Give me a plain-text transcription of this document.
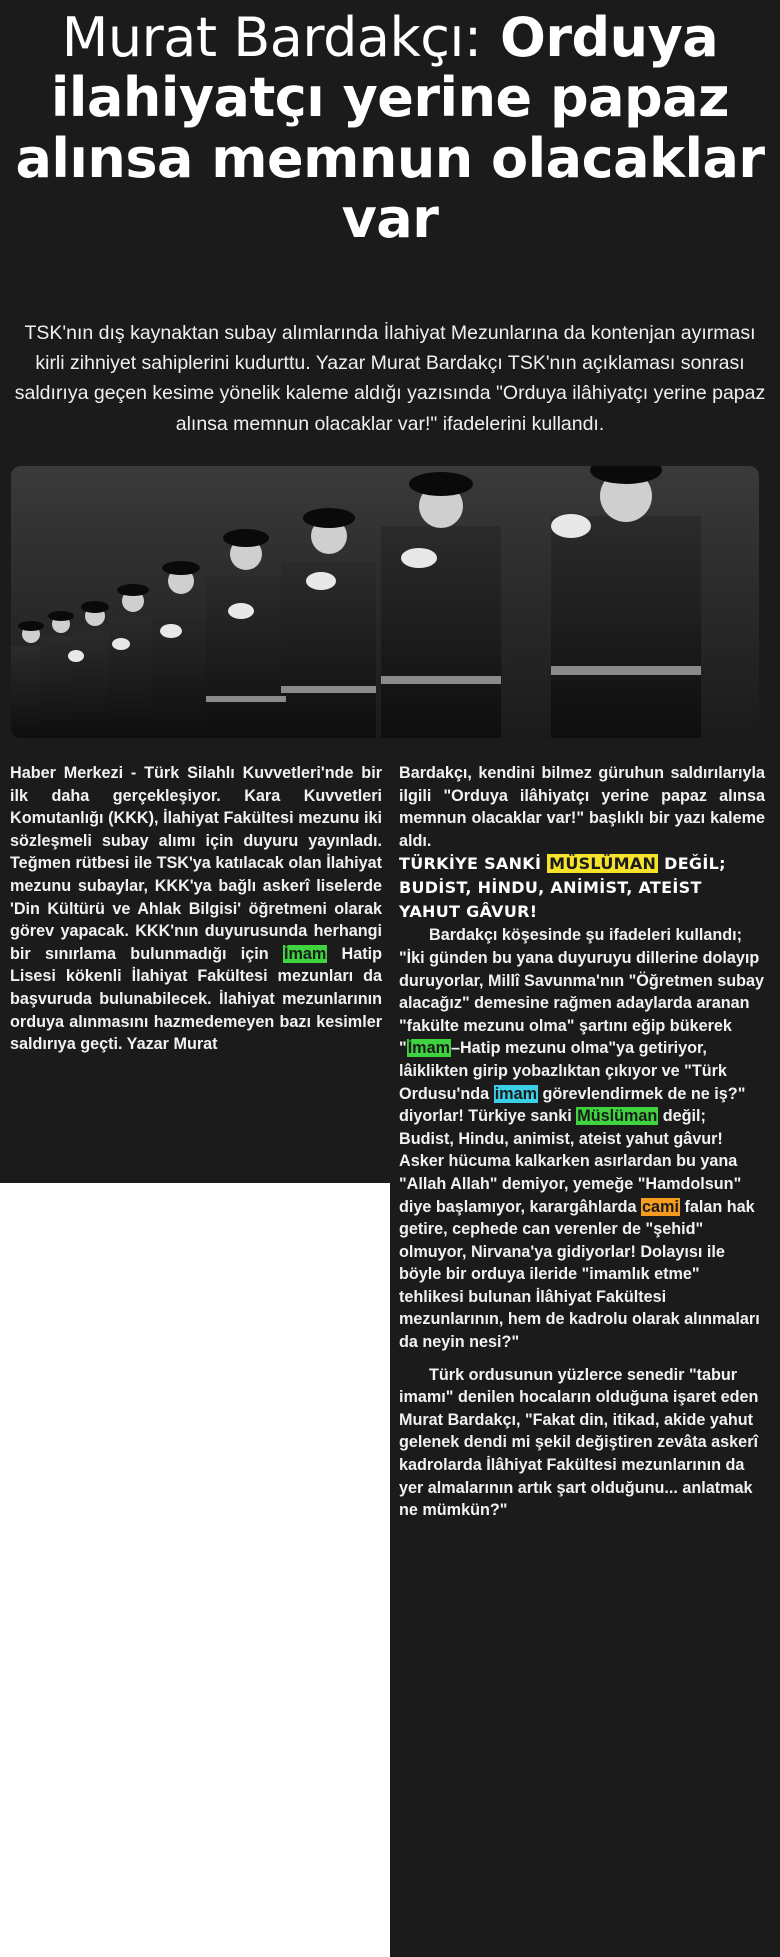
Murat Bardakçı: Orduya ilahiyatçı yerine papaz alınsa memnun olacaklar var

TSK'nın dış kaynaktan subay alımlarında İlahiyat Mezunlarına da kontenjan ayırması kirli zihniyet sahiplerini kudurttu. Yazar Murat Bardakçı TSK'nın açıklaması sonrası saldırıya geçen kesime yönelik kaleme aldığı yazısında "Orduya ilâhiyatçı yerine papaz alınsa memnun olacaklar var!" ifadelerini kullandı.

Haber Merkezi - Türk Silahlı Kuvvetleri'nde bir ilk daha gerçekleşiyor. Kara Kuvvetleri Komutanlığı (KKK), İlahiyat Fakültesi mezunu iki sözleşmeli subay alımı için duyuru yayınladı. Teğmen rütbesi ile TSK'ya katılacak olan İlahiyat mezunu subaylar, KKK'ya bağlı askerî liselerde 'Din Kültürü ve Ahlak Bilgisi' öğretmeni olarak görev yapacak. KKK'nın duyurusunda herhangi bir sınırlama bulunmadığı için İmam Hatip Lisesi kökenli İlahiyat Fakültesi mezunları da başvuruda bulunabilecek. İlahiyat mezunlarının orduya alınmasını hazmedemeyen bazı kesimler saldırıya geçti. Yazar Murat

Bardakçı, kendini bilmez güruhun saldırılarıyla ilgili "Orduya ilâhiyatçı yerine papaz alınsa memnun olacaklar var!" başlıklı bir yazı kaleme aldı.

TÜRKİYE SANKİ MÜSLÜMAN DEĞİL; BUDİST, HİNDU, ANİMİST, ATEİST YAHUT GÂVUR!

Bardakçı köşesinde şu ifadeleri kullandı; "İki günden bu yana duyuruyu dillerine dolayıp duruyorlar, Millî Savunma'nın "Öğretmen subay alacağız" demesine rağmen adaylarda aranan "fakülte mezunu olma" şartını eğip bükerek "İmam–Hatip mezunu olma"ya getiriyor, lâiklikten girip yobazlıktan çıkıyor ve "Türk Ordusu'nda imam görevlendirmek de ne iş?" diyorlar! Türkiye sanki Müslüman değil; Budist, Hindu, animist, ateist yahut gâvur! Asker hücuma kalkarken asırlardan bu yana "Allah Allah" demiyor, yemeğe "Hamdolsun" diye başlamıyor, karargâhlarda cami falan hak getire, cephede can verenler de "şehid" olmuyor, Nirvana'ya gidiyorlar! Dolayısı ile böyle bir orduya ileride "imamlık etme" tehlikesi bulunan İlâhiyat Fakültesi mezunlarının, hem de kadrolu olarak alınmaları da neyin nesi?"

Türk ordusunun yüzlerce senedir "tabur imamı" denilen hocaların olduğuna işaret eden Murat Bardakçı, "Fakat din, itikad, akide yahut gelenek dendi mi şekil değiştiren zevâta askerî kadrolarda İlâhiyat Fakültesi mezunlarının da yer almalarının artık şart olduğunu... anlatmak ne mümkün?"
